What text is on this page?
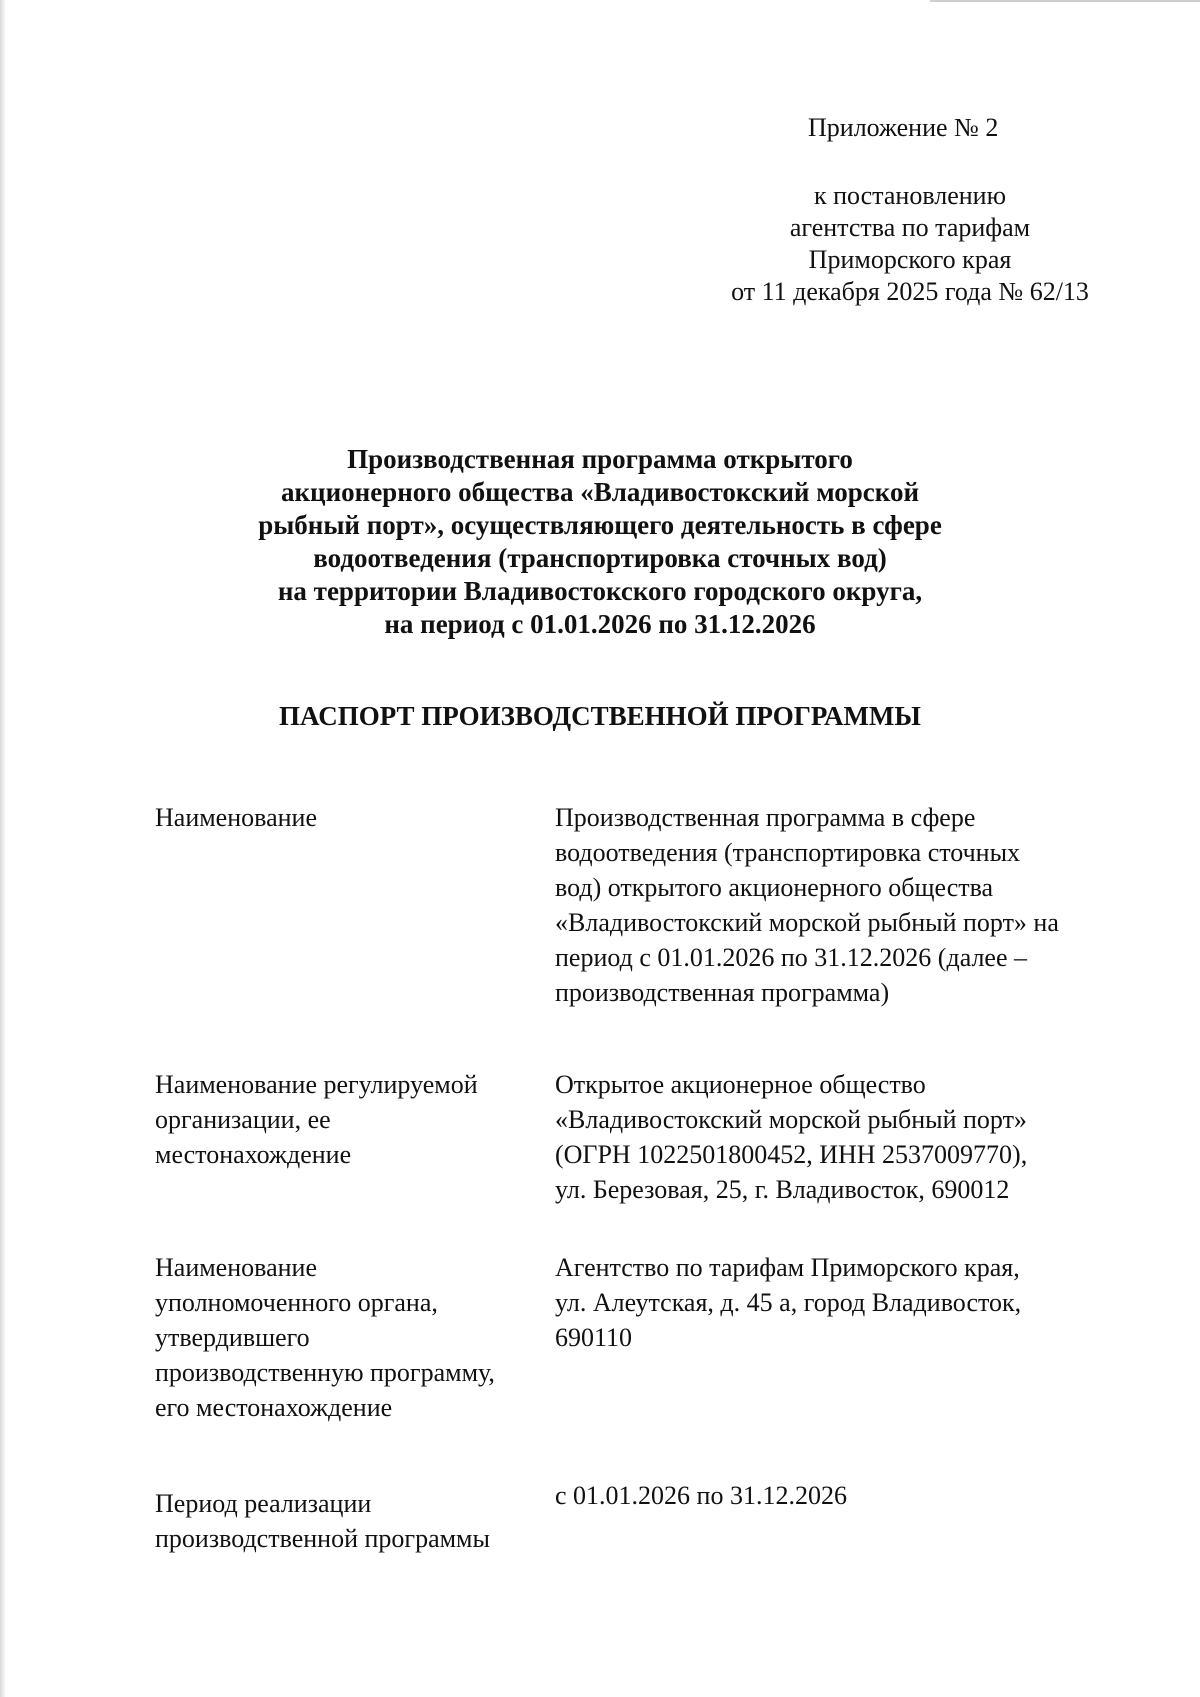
Приложение № 2
к постановлению
агентства по тарифам
Приморского края
от 11 декабря 2025 года № 62/13
Производственная программа открытого
акционерного общества «Владивостокский морской
рыбный порт», осуществляющего деятельность в сфере
водоотведения (транспортировка сточных вод)
на территории Владивостокского городского округа,
на период с 01.01.2026 по 31.12.2026
ПАСПОРТ ПРОИЗВОДСТВЕННОЙ ПРОГРАММЫ
Наименование	Производственная программа в сфере
водоотведения (транспортировка сточных
вод) открытого акционерного общества
«Владивостокский морской рыбный порт» на
период с 01.01.2026 по 31.12.2026 (далее –
производственная программа)
Наименование регулируемой
организации, ее
местонахождение
Открытое акционерное общество
«Владивостокский морской рыбный порт»
(ОГРН 1022501800452, ИНН 2537009770),
ул. Березовая, 25, г. Владивосток, 690012
Наименование
уполномоченного органа,
утвердившего
производственную программу,
его местонахождение
Агентство по тарифам Приморского края,
ул. Алеутская, д. 45 а, город Владивосток,
690110
Период реализации
производственной программы
с 01.01.2026 по 31.12.2026
